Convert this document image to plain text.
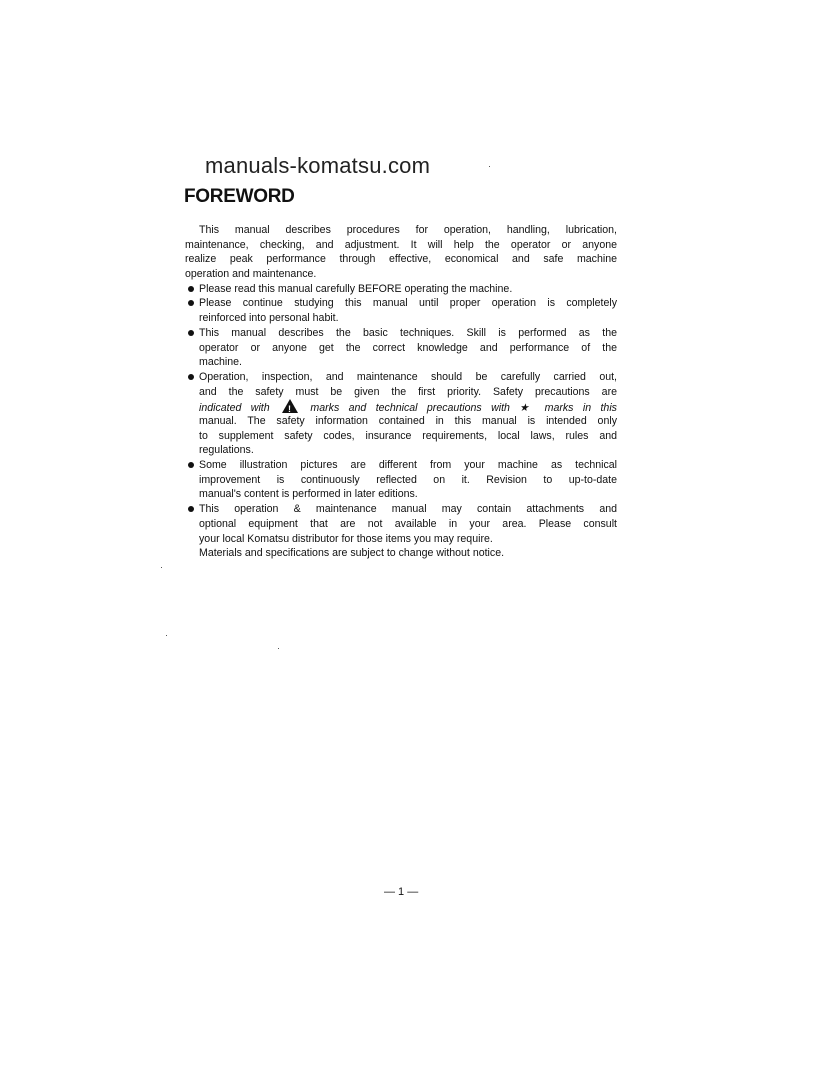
manuals-komatsu.com
FOREWORD
This manual describes procedures for operation, handling, lubrication,
maintenance, checking, and adjustment. It will help the operator or anyone
realize peak performance through effective, economical and safe machine
operation and maintenance.
Please read this manual carefully BEFORE operating the machine.
Please continue studying this manual until proper operation is completely
reinforced into personal habit.
This manual describes the basic techniques. Skill is performed as the
operator or anyone get the correct knowledge and performance of the
machine.
Operation, inspection, and maintenance should be carefully carried out,
and the safety must be given the first priority. Safety precautions are
indicated with ! marks and technical precautions with ★ marks in this
manual. The safety information contained in this manual is intended only
to supplement safety codes, insurance requirements, local laws, rules and
regulations.
Some illustration pictures are different from your machine as technical
improvement is continuously reflected on it. Revision to up-to-date
manual's content is performed in later editions.
This operation & maintenance manual may contain attachments and
optional equipment that are not available in your area. Please consult
your local Komatsu distributor for those items you may require.
Materials and specifications are subject to change without notice.
— 1 —
